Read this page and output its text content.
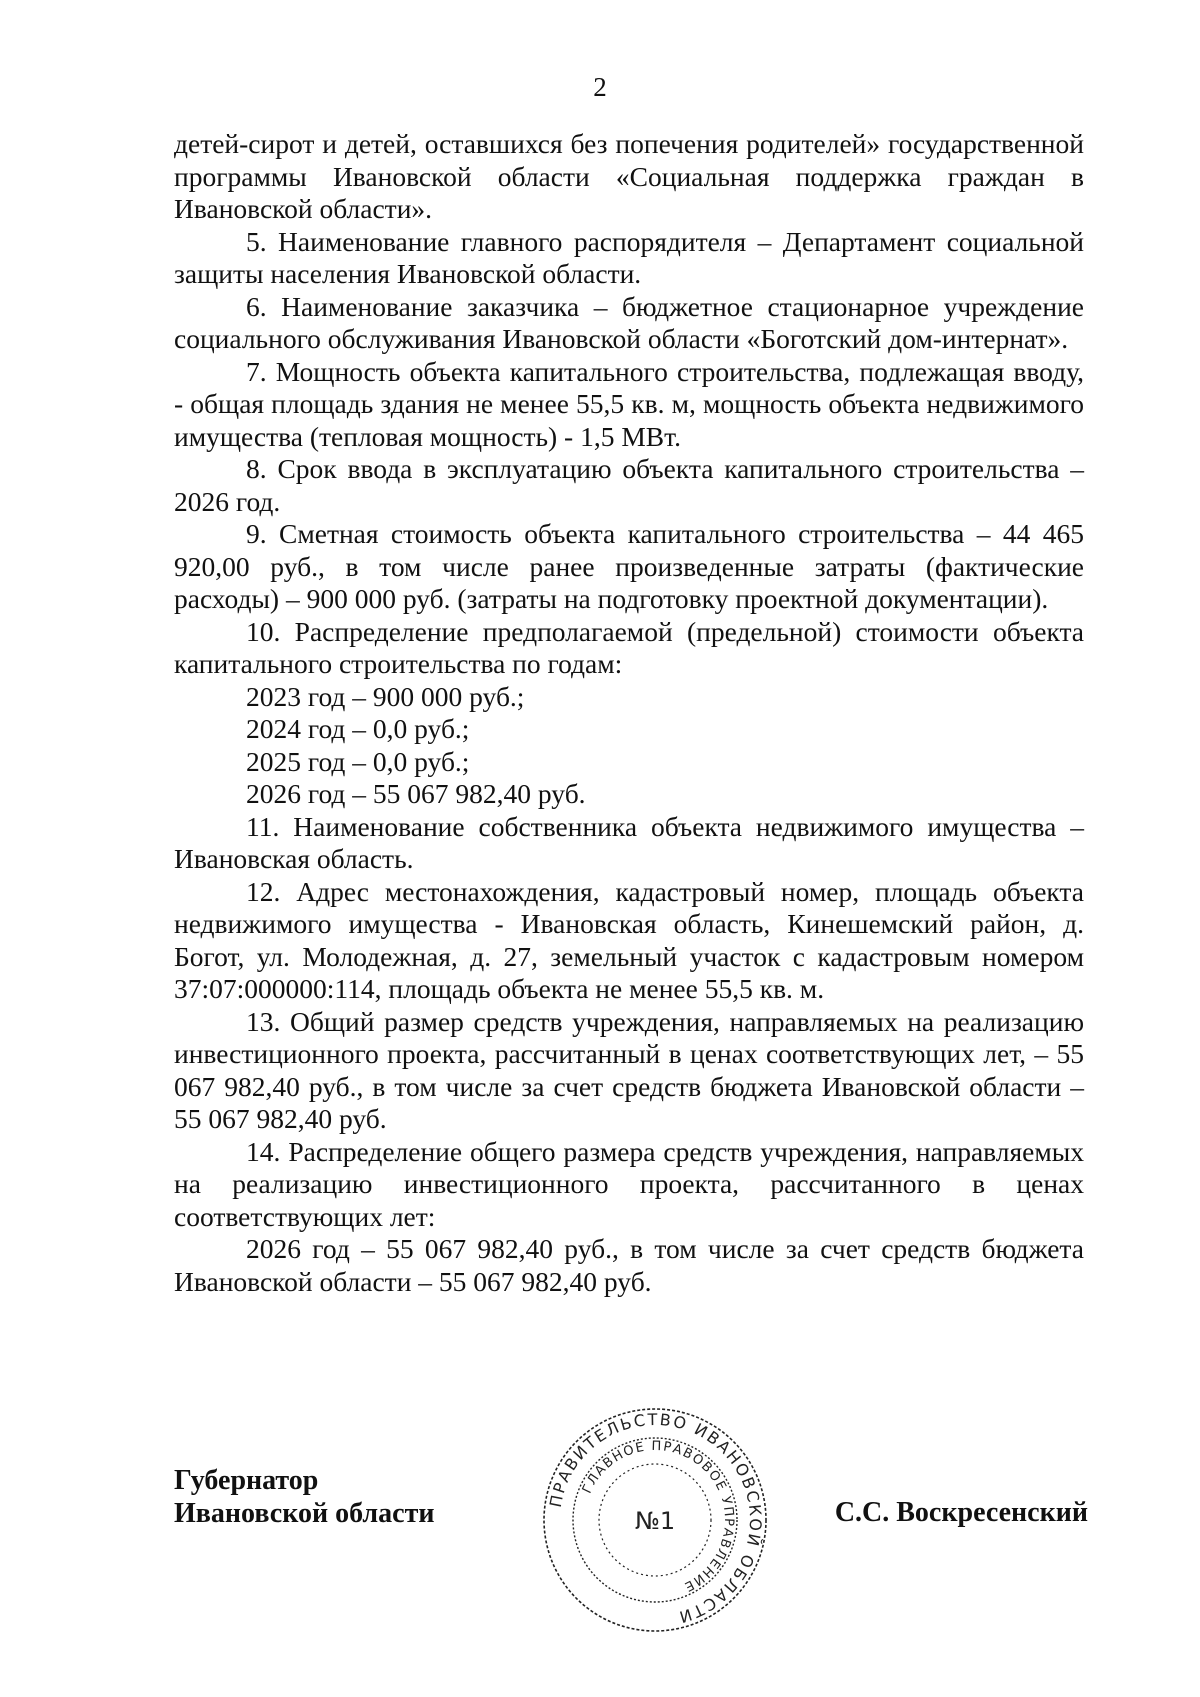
2

детей-сирот и детей, оставшихся без попечения родителей» государственной программы Ивановской области «Социальная поддержка граждан в Ивановской области».

5. Наименование главного распорядителя – Департамент социальной защиты населения Ивановской области.

6. Наименование заказчика – бюджетное стационарное учреждение социального обслуживания Ивановской области «Боготский дом-интернат».

7. Мощность объекта капитального строительства, подлежащая вводу, - общая площадь здания не менее 55,5 кв. м, мощность объекта недвижимого имущества (тепловая мощность) - 1,5 МВт.

8. Срок ввода в эксплуатацию объекта капитального строительства – 2026 год.

9. Сметная стоимость объекта капитального строительства – 44 465 920,00 руб., в том числе ранее произведенные затраты (фактические расходы) – 900 000 руб. (затраты на подготовку проектной документации).

10. Распределение предполагаемой (предельной) стоимости объекта капитального строительства по годам:

2023 год – 900 000 руб.;

2024 год – 0,0 руб.;

2025 год – 0,0 руб.;

2026 год – 55 067 982,40 руб.

11. Наименование собственника объекта недвижимого имущества – Ивановская область.

12. Адрес местонахождения, кадастровый номер, площадь объекта недвижимого имущества - Ивановская область, Кинешемский район, д. Богот, ул. Молодежная, д. 27, земельный участок с кадастровым номером 37:07:000000:114, площадь объекта не менее 55,5 кв. м.

13. Общий размер средств учреждения, направляемых на реализацию инвестиционного проекта, рассчитанный в ценах соответствующих лет, – 55 067 982,40 руб., в том числе за счет средств бюджета Ивановской области – 55 067 982,40 руб.

14. Распределение общего размера средств учреждения, направляемых на реализацию инвестиционного проекта, рассчитанного в ценах соответствующих лет:

2026 год – 55 067 982,40 руб., в том числе за счет средств бюджета Ивановской области – 55 067 982,40 руб.

Губернатор
Ивановской области	ПРАВИТЕЛЬСТВО ИВАНОВСКОЙ ОБЛАСТИ
ГЛАВНОЕ ПРАВОВОЕ УПРАВЛЕНИЕ
№1	С.С. Воскресенский
